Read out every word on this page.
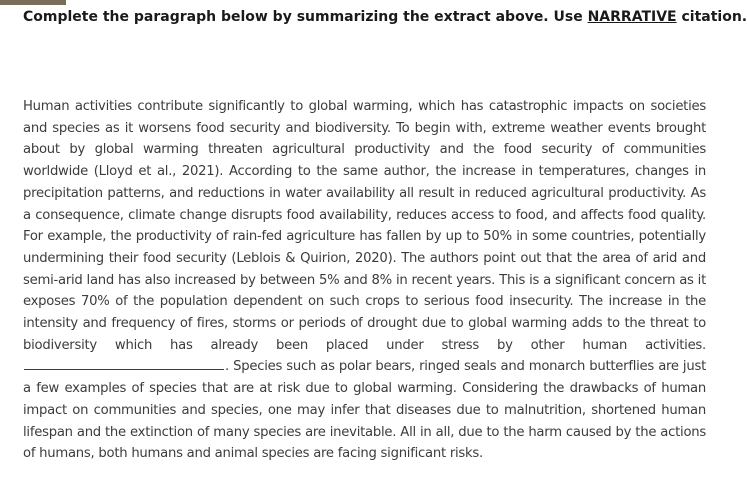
Complete the paragraph below by summarizing the extract above. Use NARRATIVE citation.

Human activities contribute significantly to global warming, which has catastrophic impacts on societies and species as it worsens food security and biodiversity. To begin with, extreme weather events brought about by global warming threaten agricultural productivity and the food security of communities worldwide (Lloyd et al., 2021). According to the same author, the increase in temperatures, changes in precipitation patterns, and reductions in water availability all result in reduced agricultural productivity. As a consequence, climate change disrupts food availability, reduces access to food, and affects food quality. For example, the productivity of rain-fed agriculture has fallen by up to 50% in some countries, potentially undermining their food security (Leblois & Quirion, 2020). The authors point out that the area of arid and semi-arid land has also increased by between 5% and 8% in recent years. This is a significant concern as it exposes 70% of the population dependent on such crops to serious food insecurity. The increase in the intensity and frequency of fires, storms or periods of drought due to global warming adds to the threat to biodiversity which has already been placed under stress by other human activities. . Species such as polar bears, ringed seals and monarch butterflies are just a few examples of species that are at risk due to global warming. Considering the drawbacks of human impact on communities and species, one may infer that diseases due to malnutrition, shortened human lifespan and the extinction of many species are inevitable. All in all, due to the harm caused by the actions of humans, both humans and animal species are facing significant risks.
